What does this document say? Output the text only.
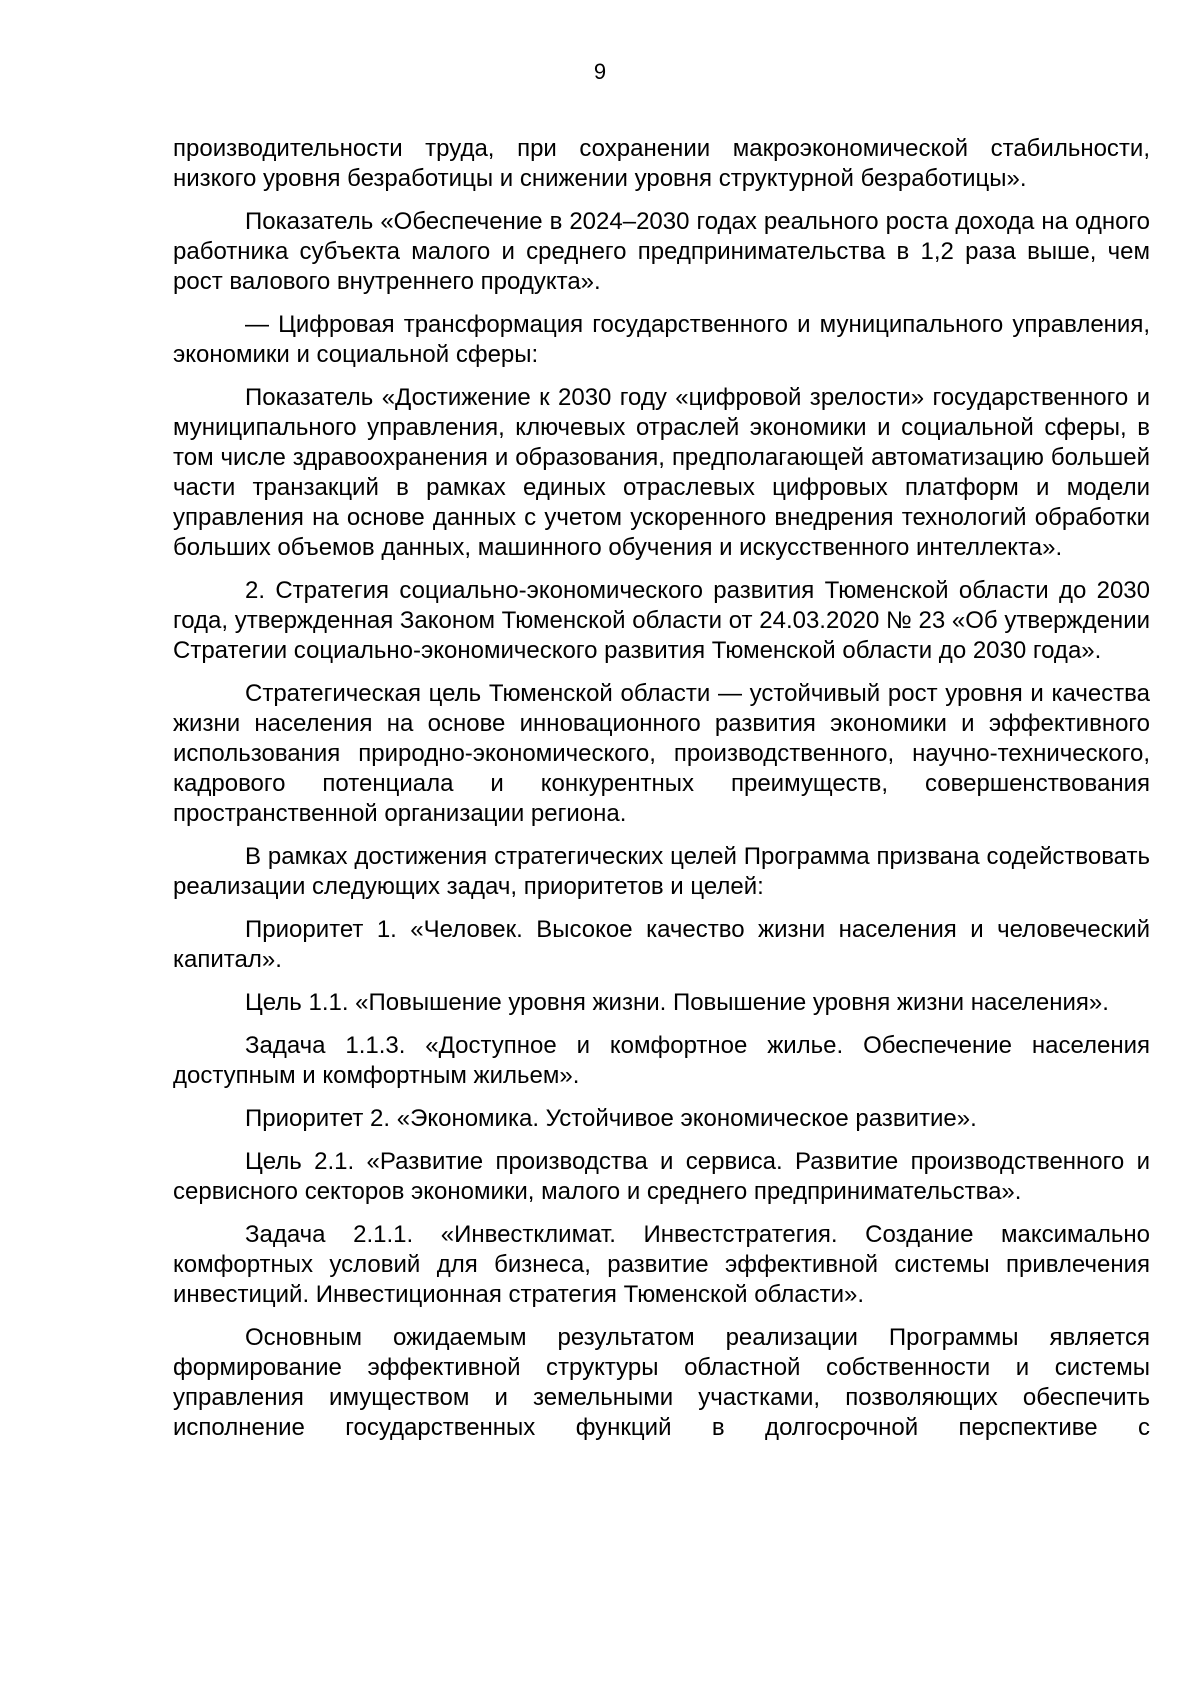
9

производительности труда, при сохранении макроэкономической стабильности, низкого уровня безработицы и снижении уровня структурной безработицы».

Показатель «Обеспечение в 2024–2030 годах реального роста дохода на одного работника субъекта малого и среднего предпринимательства в 1,2 раза выше, чем рост валового внутреннего продукта».

— Цифровая трансформация государственного и муниципального управления, экономики и социальной сферы:

Показатель «Достижение к 2030 году «цифровой зрелости» государственного и муниципального управления, ключевых отраслей экономики и социальной сферы, в том числе здравоохранения и образования, предполагающей автоматизацию большей части транзакций в рамках единых отраслевых цифровых платформ и модели управления на основе данных с учетом ускоренного внедрения технологий обработки больших объемов данных, машинного обучения и искусственного интеллекта».

2. Стратегия социально-экономического развития Тюменской области до 2030 года, утвержденная Законом Тюменской области от 24.03.2020 № 23 «Об утверждении Стратегии социально-экономического развития Тюменской области до 2030 года».

Стратегическая цель Тюменской области — устойчивый рост уровня и качества жизни населения на основе инновационного развития экономики и эффективного использования природно-экономического, производственного, научно-технического, кадрового потенциала и конкурентных преимуществ, совершенствования пространственной организации региона.

В рамках достижения стратегических целей Программа призвана содействовать реализации следующих задач, приоритетов и целей:

Приоритет 1. «Человек. Высокое качество жизни населения и человеческий капитал».

Цель 1.1. «Повышение уровня жизни. Повышение уровня жизни населения».

Задача 1.1.3. «Доступное и комфортное жилье. Обеспечение населения доступным и комфортным жильем».

Приоритет 2. «Экономика. Устойчивое экономическое развитие».

Цель 2.1. «Развитие производства и сервиса. Развитие производственного и сервисного секторов экономики, малого и среднего предпринимательства».

Задача 2.1.1. «Инвестклимат. Инвестстратегия. Создание максимально комфортных условий для бизнеса, развитие эффективной системы привлечения инвестиций. Инвестиционная стратегия Тюменской области».

Основным ожидаемым результатом реализации Программы является формирование эффективной структуры областной собственности и системы управления имуществом и земельными участками, позволяющих обеспечить исполнение государственных функций в долгосрочной перспективе с
